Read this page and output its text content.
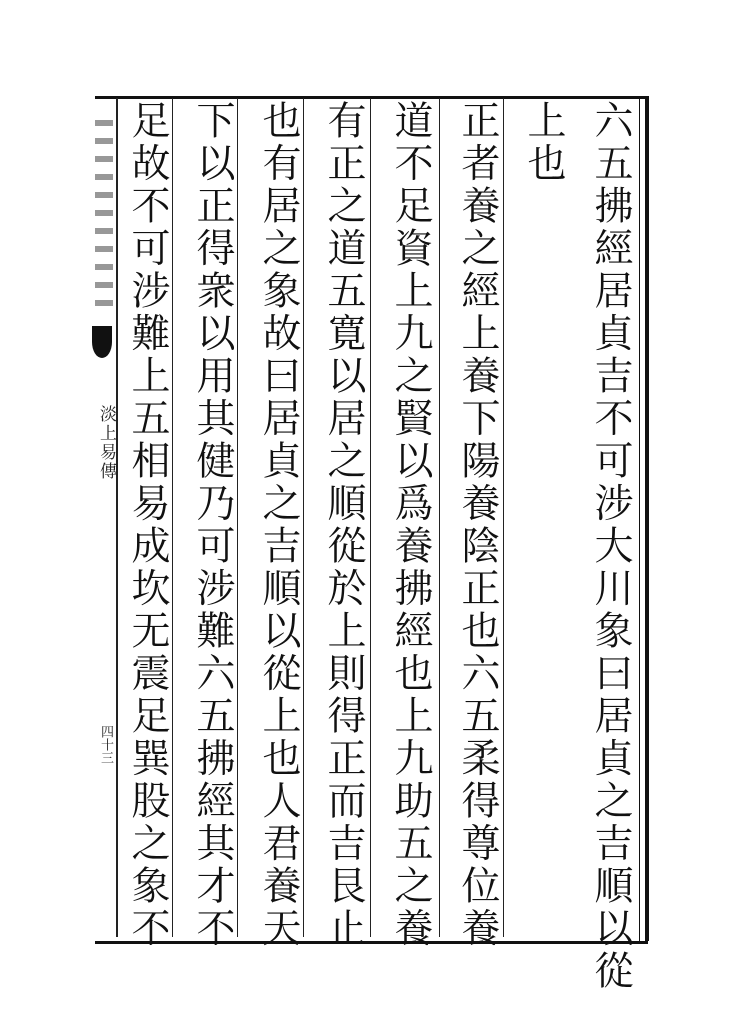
淡上易傳
四十三	六五拂經居貞吉不可涉大川象曰居貞之吉順以從
上也
正者養之經上養下陽養陰正也六五柔得尊位養
道不足資上九之賢以爲養拂經也上九助五之養
有正之道五寛以居之順從於上則得正而吉艮止
也有居之象故曰居貞之吉順以從上也人君養天
下以正得衆以用其健乃可涉難六五拂經其才不
足故不可涉難上五相易成坎无震足巽股之象不
